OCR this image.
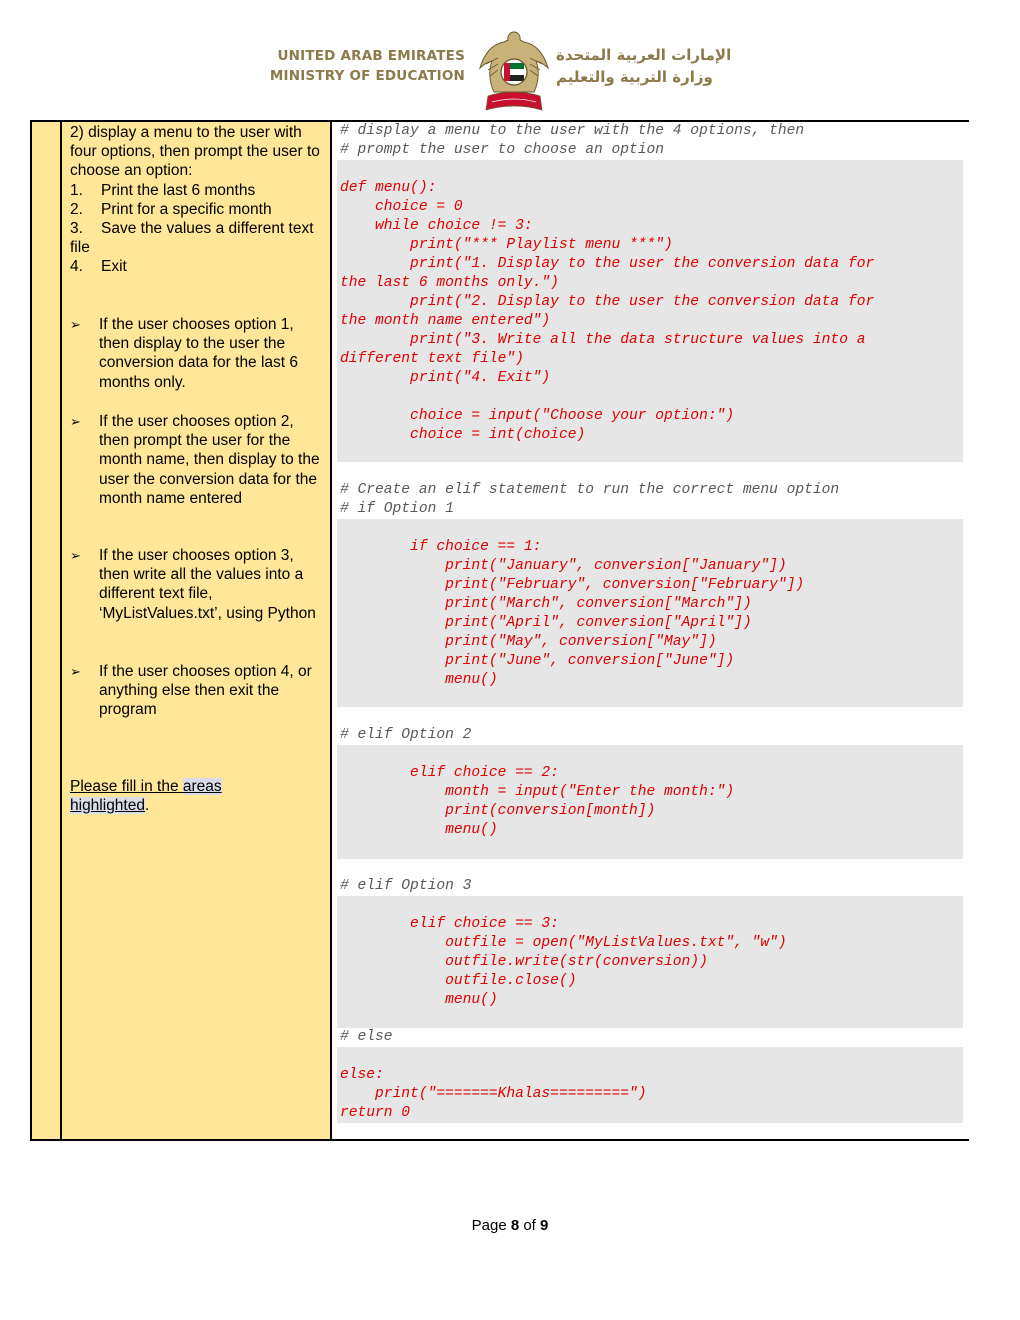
UNITED ARAB EMIRATES
MINISTRY OF EDUCATION
الإمارات العربية المتحدة
وزارة التربية والتعليم

2) display a menu to the user with four options, then prompt the user to choose an option:

1. Print the last 6 months
2. Print for a specific month
3. Save the values a different text file
4. Exit
➢ If the user chooses option 1, then display to the user the conversion data for the last 6 months only.
➢ If the user chooses option 2, then prompt the user for the month name, then display to the user the conversion data for the month name entered
➢ If the user chooses option 3, then write all the values into a different text file, ‘MyListValues.txt’, using Python
➢ If the user chooses option 4, or anything else then exit the program
Please fill in the areas
highlighted.

# display a menu to the user with the 4 options, then

# prompt the user to choose an option

def menu():
choice = 0
while choice != 3:
print("*** Playlist menu ***")
print("1. Display to the user the conversion data for
the last 6 months only.")
print("2. Display to the user the conversion data for
the month name entered")
print("3. Write all the data structure values into a
different text file")
print("4. Exit")
choice = input("Choose your option:")
choice = int(choice)

# Create an elif statement to run the correct menu option

# if Option 1

if choice == 1:
print("January", conversion["January"])
print("February", conversion["February"])
print("March", conversion["March"])
print("April", conversion["April"])
print("May", conversion["May"])
print("June", conversion["June"])
menu()

# elif Option 2

elif choice == 2:
month = input("Enter the month:")
print(conversion[month])
menu()

# elif Option 3

elif choice == 3:
outfile = open("MyListValues.txt", "w")
outfile.write(str(conversion))
outfile.close()
menu()

# else

else:
print("=======Khalas=========")
return 0

Page 8 of 9
